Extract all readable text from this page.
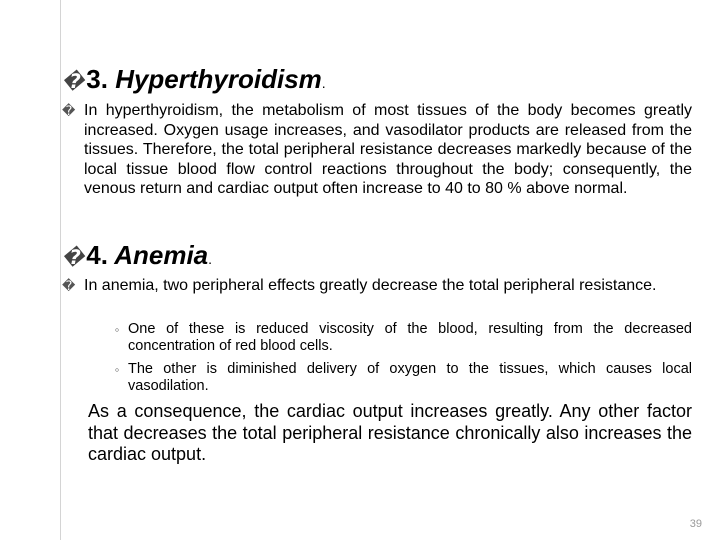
�3. Hyperthyroidism.
� In hyperthyroidism, the metabolism of most tissues of the body becomes greatly increased. Oxygen usage increases, and vasodilator products are released from the tissues. Therefore, the total peripheral resistance decreases markedly because of the local tissue blood flow control reactions throughout the body; consequently, the venous return and cardiac output often increase to 40 to 80 % above normal.
�4. Anemia.
� In anemia, two peripheral effects greatly decrease the total peripheral resistance.
◦ One of these is reduced viscosity of the blood, resulting from the decreased concentration of red blood cells.
◦ The other is diminished delivery of oxygen to the tissues, which causes local vasodilation.
As a consequence, the cardiac output increases greatly. Any other factor that decreases the total peripheral resistance chronically also increases the cardiac output.
39
